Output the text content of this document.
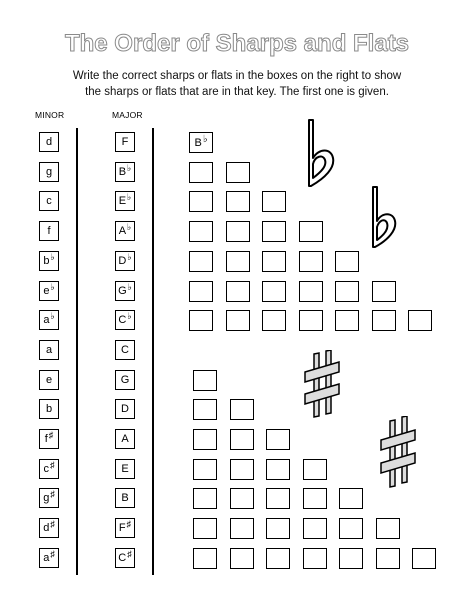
The Order of Sharps and Flats
Write the correct sharps or flats in the boxes on the right to show
the sharps or flats that are in that key. The first one is given.
MINOR	MAJOR
d	F	B ♭
g	B ♭
c	E ♭
f	A ♭
b ♭	D ♭
e ♭	G ♭
a ♭	C ♭
a	C
e	G
b	D
f ♯	A
c ♯	E
g ♯	B
d ♯	F ♯
a ♯	C ♯
